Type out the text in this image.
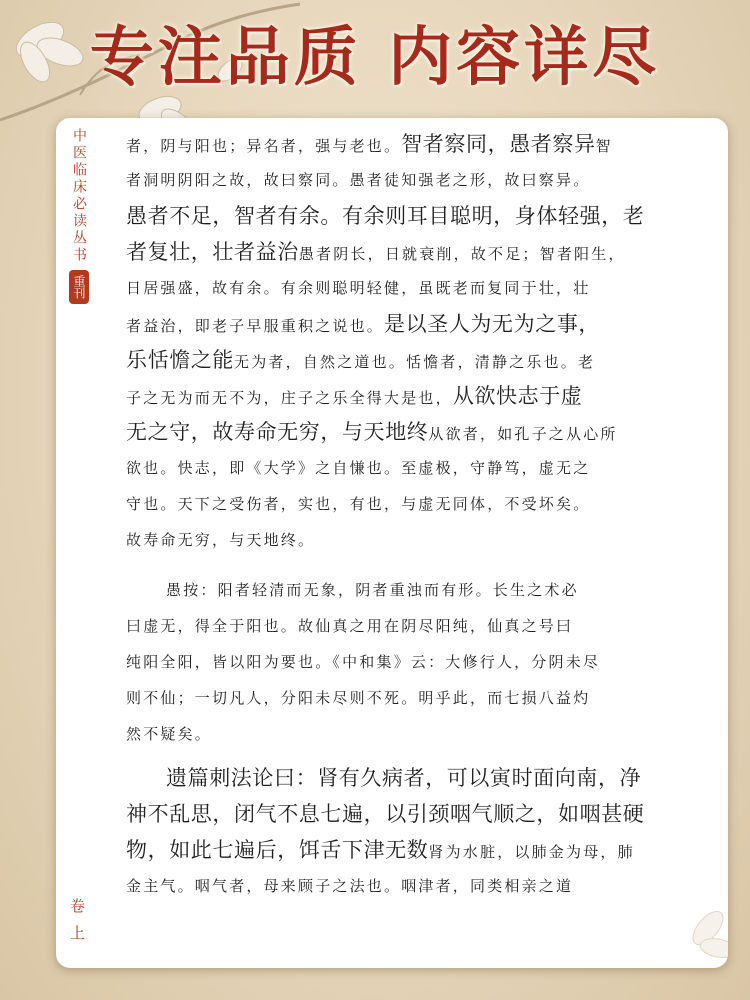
专注品质 内容详尽
中医临床必读丛书
重刊
卷上
者，阴与阳也；异名者，强与老也。智者察同，愚者察异智
者洞明阴阳之故，故曰察同。愚者徒知强老之形，故曰察异。
愚者不足，智者有余。有余则耳目聪明，身体轻强，老
者复壮，壮者益治愚者阴长，日就衰削，故不足；智者阳生，
日居强盛，故有余。有余则聪明轻健，虽既老而复同于壮，壮
者益治，即老子早服重积之说也。是以圣人为无为之事，
乐恬憺之能无为者，自然之道也。恬憺者，清静之乐也。老
子之无为而无不为，庄子之乐全得大是也，从欲快志于虚
无之守，故寿命无穷，与天地终从欲者，如孔子之从心所
欲也。快志，即《大学》之自慊也。至虚极，守静笃，虚无之
守也。天下之受伤者，实也，有也，与虚无同体，不受坏矣。
故寿命无穷，与天地终。
愚按：阳者轻清而无象，阴者重浊而有形。长生之术必
曰虚无，得全于阳也。故仙真之用在阴尽阳纯，仙真之号曰
纯阳全阳，皆以阳为要也。《中和集》云：大修行人，分阴未尽
则不仙；一切凡人，分阳未尽则不死。明乎此，而七损八益灼
然不疑矣。
遗篇刺法论曰：肾有久病者，可以寅时面向南，净
神不乱思，闭气不息七遍，以引颈咽气顺之，如咽甚硬
物，如此七遍后，饵舌下津无数肾为水脏，以肺金为母，肺
金主气。咽气者，母来顾子之法也。咽津者，同类相亲之道
